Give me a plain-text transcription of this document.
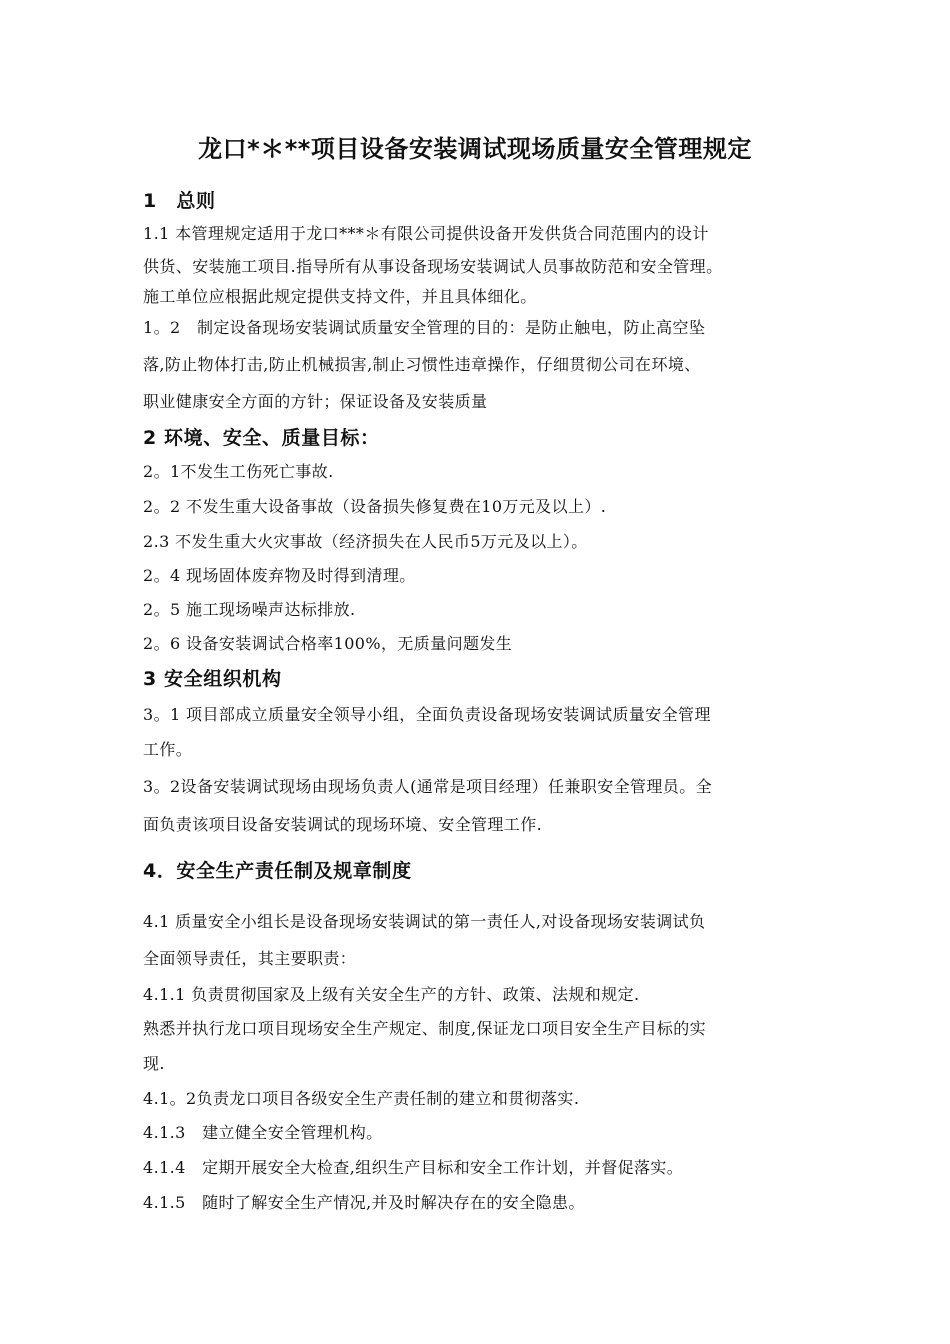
龙口*＊**项目设备安装调试现场质量安全管理规定
1　总则
1.1 本管理规定适用于龙口***＊有限公司提供设备开发供货合同范围内的设计
供货、安装施工项目.指导所有从事设备现场安装调试人员事故防范和安全管理。
施工单位应根据此规定提供支持文件，并且具体细化。
1。2　制定设备现场安装调试质量安全管理的目的：是防止触电，防止高空坠
落,防止物体打击,防止机械损害,制止习惯性违章操作，仔细贯彻公司在环境、
职业健康安全方面的方针；保证设备及安装质量
2 环境、安全、质量目标：
2。1不发生工伤死亡事故.
2。2 不发生重大设备事故（设备损失修复费在10万元及以上）.
2.3 不发生重大火灾事故（经济损失在人民币5万元及以上）。
2。4 现场固体废弃物及时得到清理。
2。5 施工现场噪声达标排放.
2。6 设备安装调试合格率100%，无质量问题发生
3 安全组织机构
3。1 项目部成立质量安全领导小组，全面负责设备现场安装调试质量安全管理
工作。
3。2设备安装调试现场由现场负责人(通常是项目经理）任兼职安全管理员。全
面负责该项目设备安装调试的现场环境、安全管理工作.
4．安全生产责任制及规章制度
4.1 质量安全小组长是设备现场安装调试的第一责任人,对设备现场安装调试负
全面领导责任，其主要职责：
4.1.1 负责贯彻国家及上级有关安全生产的方针、政策、法规和规定.
熟悉并执行龙口项目现场安全生产规定、制度,保证龙口项目安全生产目标的实
现.
4.1。2负责龙口项目各级安全生产责任制的建立和贯彻落实.
4.1.3　建立健全安全管理机构。
4.1.4　定期开展安全大检查,组织生产目标和安全工作计划，并督促落实。
4.1.5　随时了解安全生产情况,并及时解决存在的安全隐患。
